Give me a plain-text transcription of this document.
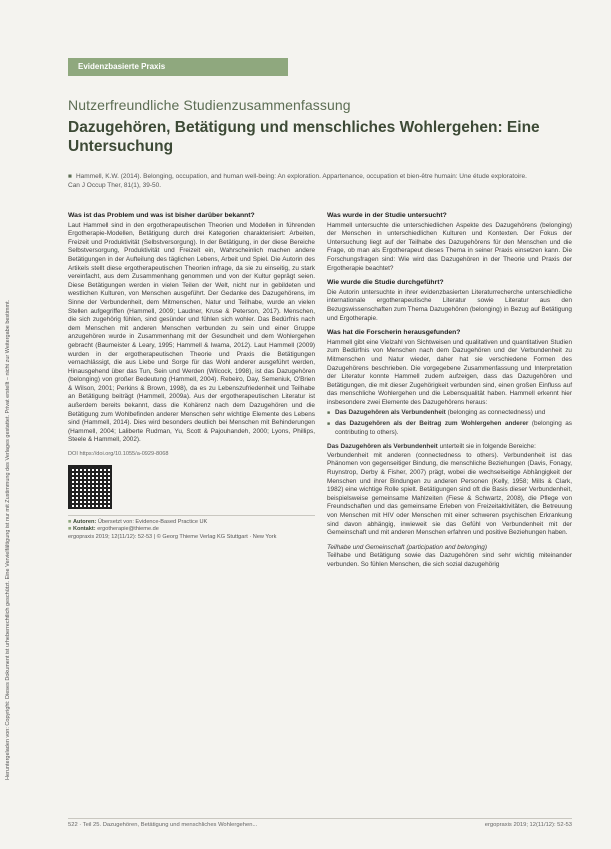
Heruntergeladen von: Copyright: Dieses Dokument ist urheberrechtlich geschützt. Eine Vervielfältigung ist nur mit Zustimmung des Verlages gestattet. Privat erstellt – nicht zur Weitergabe bestimmt.
Evidenzbasierte Praxis
Nutzerfreundliche Studienzusammenfassung
Dazugehören, Betätigung und menschliches Wohlergehen: Eine Untersuchung
■ Hammell, K.W. (2014). Belonging, occupation, and human well-being: An exploration. Appartenance, occupation et bien-être humain: Une étude exploratoire. Can J Occup Ther, 81(1), 39-50.

Was ist das Problem und was ist bisher darüber bekannt?

Laut Hammell sind in den ergotherapeutischen Theorien und Modellen in führenden Ergotherapie-Modellen, Betätigung durch drei Kategorien charakterisiert: Arbeiten, Freizeit und Produktivität (Selbstversorgung). In der Betätigung, in der diese Bereiche Selbstversorgung, Produktivität und Freizeit ein, Wahrscheinlich machen andere Betätigungen in der Aufteilung des täglichen Lebens, Arbeit und Spiel. Die Autorin des Artikels stellt diese ergotherapeutischen Theorien infrage, da sie zu einseitig, zu stark vereinfacht, aus dem Zusammenhang genommen und von der Kultur geprägt seien. Diese Betätigungen werden in vielen Teilen der Welt, nicht nur in gebildeten und westlichen Kulturen, von Menschen ausgeführt. Der Gedanke des Dazugehörens, im Sinne der Verbundenheit, dem Mitmenschen, Natur und Teilhabe, wurde an vielen Stellen aufgegriffen (Hammell, 2009; Laudner, Kruse & Peterson, 2017). Menschen, die sich zugehörig fühlen, sind gesünder und fühlen sich wohler. Das Bedürfnis nach dem Menschen mit anderen Menschen verbunden zu sein und einer Gruppe anzugehören wurde in Zusammenhang mit der Gesundheit und dem Wohlergehen gebracht (Baumeister & Leary, 1995; Hammell & Iwama, 2012). Laut Hammell (2009) wurden in der ergotherapeutischen Theorie und Praxis die Betätigungen vernachlässigt, die aus Liebe und Sorge für das Wohl anderer ausgeführt werden, Hinausgehend über das Tun, Sein und Werden (Wilcock, 1998), ist das Dazugehören (belonging) von großer Bedeutung (Hammell, 2004). Rebeiro, Day, Semeniuk, O'Brien & Wilson, 2001; Perkins & Brown, 1998), da es zu Lebenszufriedenheit und Teilhabe an Betätigung beiträgt (Hammell, 2009a). Aus der ergotherapeutischen Literatur ist außerdem bereits bekannt, dass die Kohärenz nach dem Dazugehören und die Betätigung zum Wohlbefinden anderer Menschen sehr wichtige Elemente des Lebens sind (Hammell, 2014). Dies wird besonders deutlich bei Menschen mit Behinderungen (Hammell, 2004; Laliberte Rudman, Yu, Scott & Pajouhandeh, 2000; Lyons, Phillips, Steele & Hammell, 2002).

DOI https://doi.org/10.1055/a-0929-8068
■ Autoren: Übersetzt von: Evidence-Based Practice UK
■ Kontakt: ergotherapie@thieme.de
ergopraxis 2019; 12(11/12): 52-53 | © Georg Thieme Verlag KG Stuttgart · New York

Was wurde in der Studie untersucht?

Hammell untersuchte die unterschiedlichen Aspekte des Dazugehörens (belonging) der Menschen in unterschiedlichen Kulturen und Kontexten. Der Fokus der Untersuchung liegt auf der Teilhabe des Dazugehörens für den Menschen und die Frage, ob man als Ergotherapeut dieses Thema in seiner Praxis einsetzen kann. Die Forschungsfragen sind: Wie wird das Dazugehören in der Theorie und Praxis der Ergotherapie beachtet?

Wie wurde die Studie durchgeführt?

Die Autorin untersuchte in ihrer evidenzbasierten Literaturrecherche unterschiedliche internationale ergotherapeutische Literatur sowie Literatur aus den Bezugswissenschaften zum Thema Dazugehören (belonging) in Bezug auf Betätigung und Ergotherapie.

Was hat die Forscherin herausgefunden?

Hammell gibt eine Vielzahl von Sichtweisen und qualitativen und quantitativen Studien zum Bedürfnis von Menschen nach dem Dazugehören und der Verbundenheit zu Mitmenschen und Natur wieder, daher hat sie verschiedene Formen des Dazugehörens beschrieben. Die vorgegebene Zusammenfassung und Interpretation der Literatur konnte Hammell zudem aufzeigen, dass das Dazugehören und Betätigungen, die mit dieser Zugehörigkeit verbunden sind, einen großen Einfluss auf das menschliche Wohlergehen und die Lebensqualität haben. Hammell erkennt hier insbesondere zwei Elemente des Dazugehörens heraus:

■ Das Dazugehören als Verbundenheit (belonging as connectedness) und
■ das Dazugehören als der Beitrag zum Wohlergehen anderer (belonging as contributing to others).

Das Dazugehören als Verbundenheit unterteilt sie in folgende Bereiche:

Verbundenheit mit anderen (connectedness to others). Verbundenheit ist das Phänomen von gegenseitiger Bindung, die menschliche Beziehungen (Davis, Fonagy, Ruynstrop, Derby & Fisher, 2007) prägt, wobei die wechselseitige Abhängigkeit der Menschen und ihrer Bindungen zu anderen Personen (Kelly, 1958; Mills & Clark, 1982) eine wichtige Rolle spielt. Betätigungen sind oft die Basis dieser Verbundenheit, beispielsweise gemeinsame Mahlzeiten (Fiese & Schwartz, 2008), die Pflege von Freundschaften und das gemeinsame Erleben von Freizeitaktivitäten, die Betreuung von Menschen mit HIV oder Menschen mit einer schweren psychischen Erkrankung sind davon abhängig, inwieweit sie das Gefühl von Verbundenheit mit der Gemeinschaft und mit anderen Menschen erfahren und positive Beziehungen haben.

Teilhabe und Gemeinschaft (participation and belonging)

Teilhabe und Betätigung sowie das Dazugehören sind sehr wichtig miteinander verbunden. So fühlen Menschen, die sich sozial dazugehörig

522 · Teil 25. Dazugehören, Betätigung und menschliches Wohlergehen...	ergopraxis 2019; 12(11/12): 52-53
